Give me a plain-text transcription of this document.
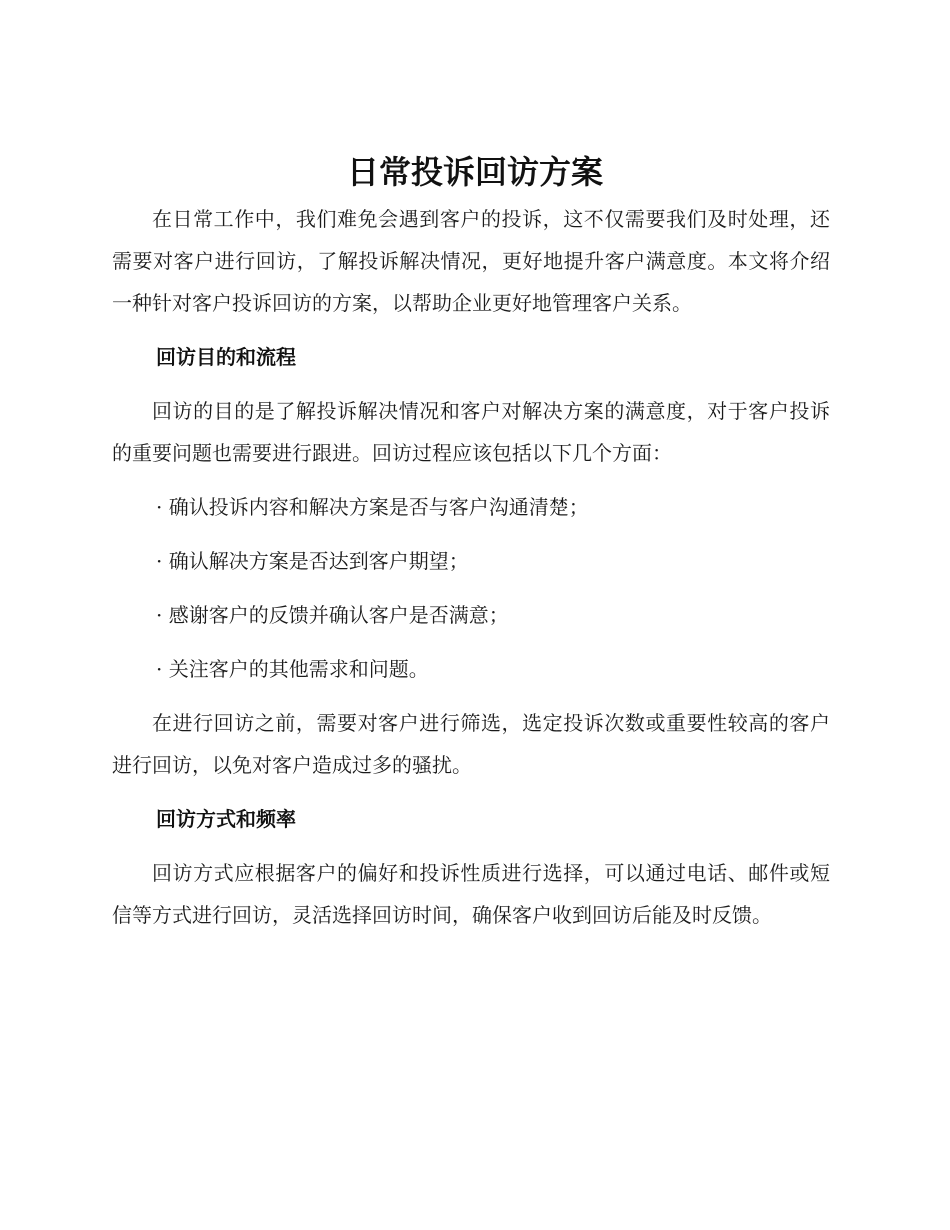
日常投诉回访方案

在日常工作中，我们难免会遇到客户的投诉，这不仅需要我们及时处理，还需要对客户进行回访，了解投诉解决情况，更好地提升客户满意度。本文将介绍一种针对客户投诉回访的方案，以帮助企业更好地管理客户关系。

回访目的和流程

回访的目的是了解投诉解决情况和客户对解决方案的满意度，对于客户投诉的重要问题也需要进行跟进。回访过程应该包括以下几个方面：

· 确认投诉内容和解决方案是否与客户沟通清楚；
· 确认解决方案是否达到客户期望；
· 感谢客户的反馈并确认客户是否满意；
· 关注客户的其他需求和问题。

在进行回访之前，需要对客户进行筛选，选定投诉次数或重要性较高的客户进行回访，以免对客户造成过多的骚扰。

回访方式和频率

回访方式应根据客户的偏好和投诉性质进行选择，可以通过电话、邮件或短信等方式进行回访，灵活选择回访时间，确保客户收到回访后能及时反馈。
